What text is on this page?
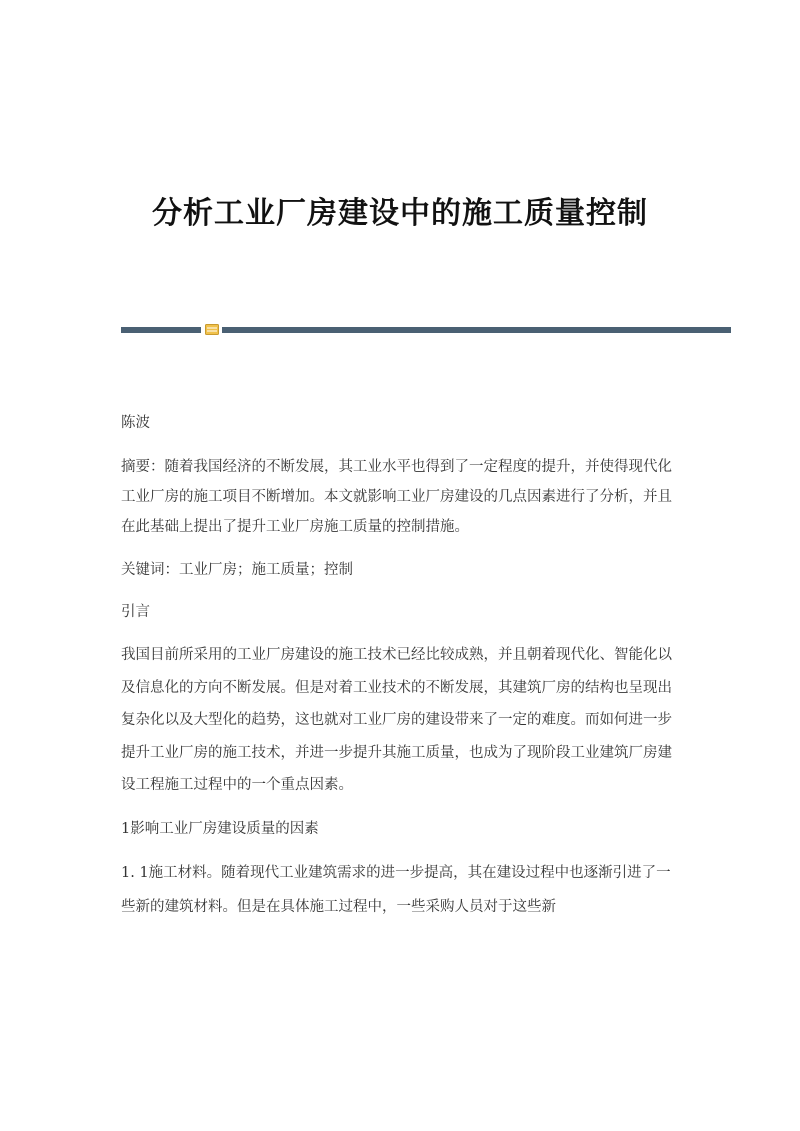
分析工业厂房建设中的施工质量控制

陈波

摘要：随着我国经济的不断发展，其工业水平也得到了一定程度的提升，并使得现代化工业厂房的施工项目不断增加。本文就影响工业厂房建设的几点因素进行了分析，并且在此基础上提出了提升工业厂房施工质量的控制措施。

关键词：工业厂房；施工质量；控制

引言

我国目前所采用的工业厂房建设的施工技术已经比较成熟，并且朝着现代化、智能化以及信息化的方向不断发展。但是对着工业技术的不断发展，其建筑厂房的结构也呈现出复杂化以及大型化的趋势，这也就对工业厂房的建设带来了一定的难度。而如何进一步提升工业厂房的施工技术，并进一步提升其施工质量，也成为了现阶段工业建筑厂房建设工程施工过程中的一个重点因素。

1影响工业厂房建设质量的因素

1. 1施工材料。随着现代工业建筑需求的进一步提高，其在建设过程中也逐渐引进了一些新的建筑材料。但是在具体施工过程中，一些采购人员对于这些新
